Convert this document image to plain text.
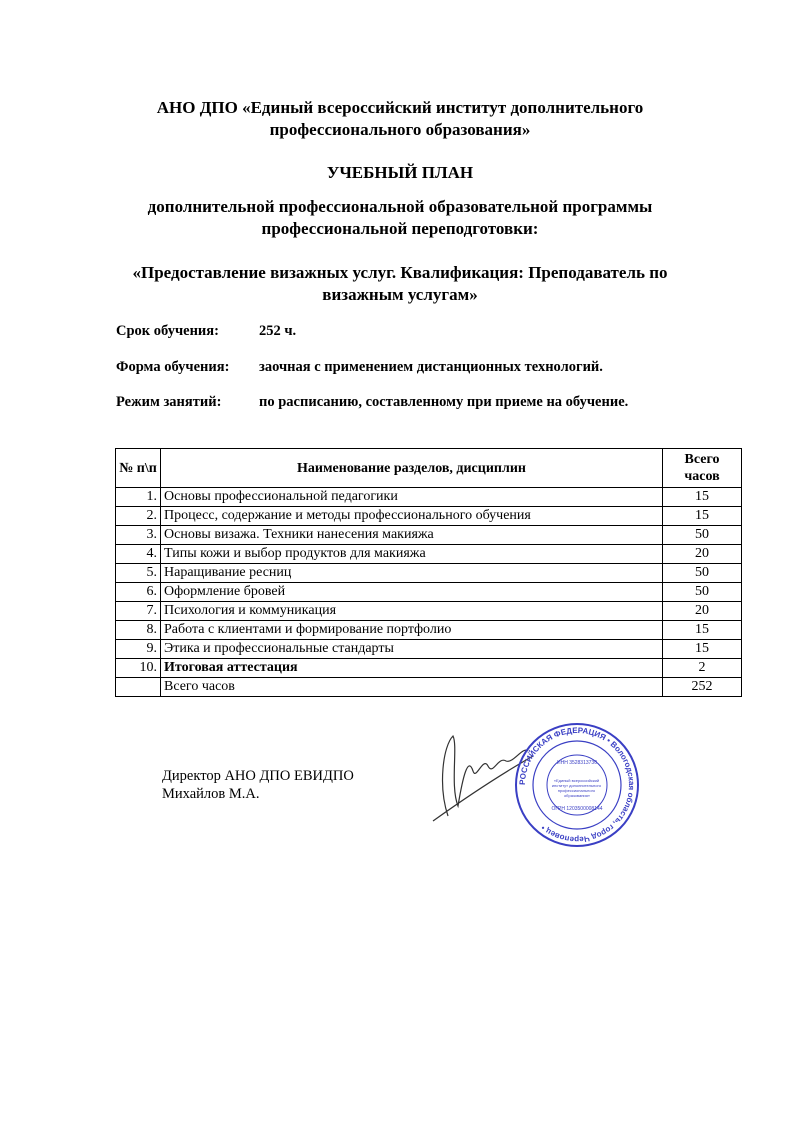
АНО ДПО «Единый всероссийский институт дополнительного
профессионального образования»
УЧЕБНЫЙ ПЛАН
дополнительной профессиональной образовательной программы
профессиональной переподготовки:
«Предоставление визажных услуг. Квалификация: Преподаватель по
визажным услугам»
Срок обучения:	252 ч.
Форма обучения: заочная с применением дистанционных технологий.
Режим занятий:	по расписанию, составленному при приеме на обучение.
№ п\п	Наименование разделов, дисциплин	Всего часов
1.	Основы профессиональной педагогики	15
2.	Процесс, содержание и методы профессионального обучения	15
3.	Основы визажа. Техники нанесения макияжа	50
4.	Типы кожи и выбор продуктов для макияжа	20
5.	Наращивание ресниц	50
6.	Оформление бровей	50
7.	Психология и коммуникация	20
8.	Работа с клиентами и формирование портфолио	15
9.	Этика и профессиональные стандарты	15
10.	Итоговая аттестация	2
	Всего часов	252
Директор АНО ДПО ЕВИДПО
Михайлов М.А.
РОССИЙСКАЯ ФЕДЕРАЦИЯ • Вологодская область, город Череповец •
ИНН 3528313730
«Единый всероссийский институт дополнительного профессионального образования»
ОГРН 1203500008144
